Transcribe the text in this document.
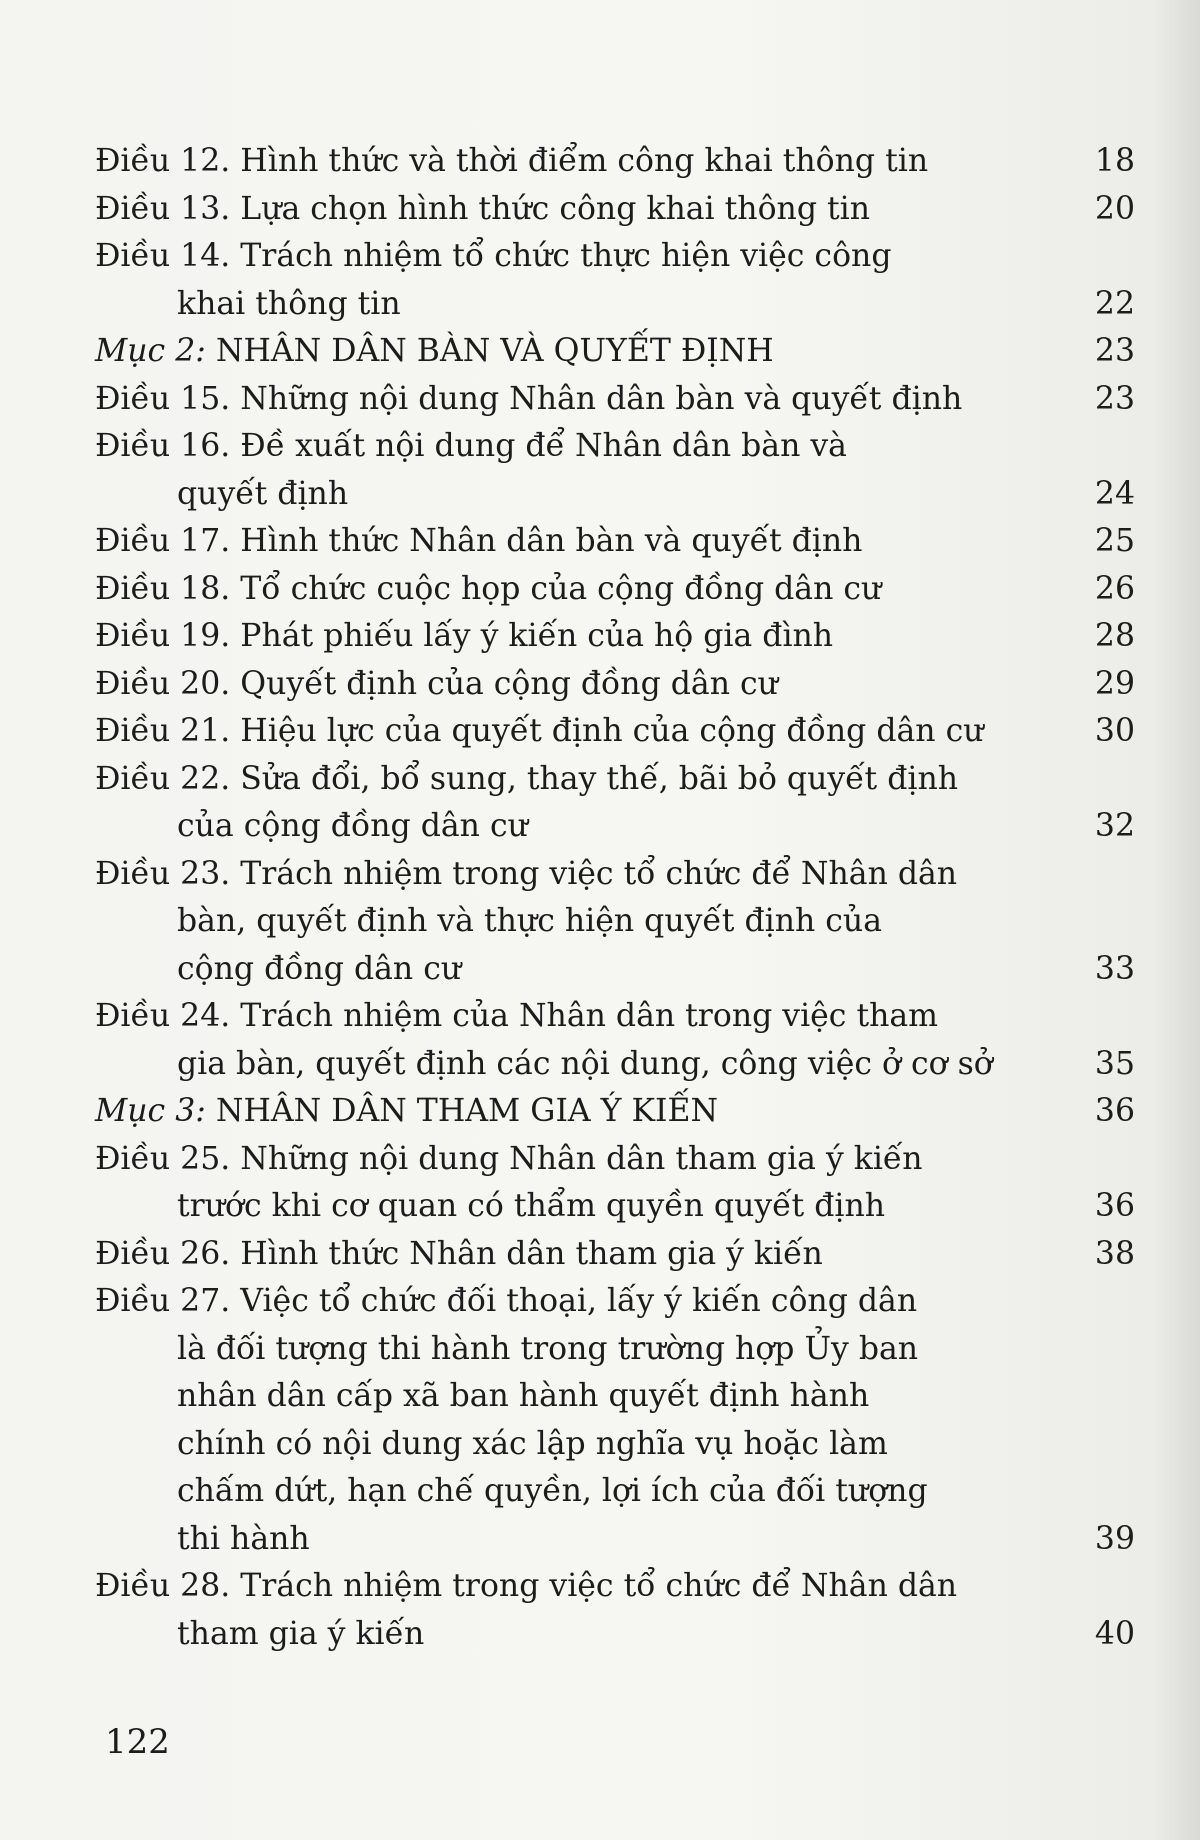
Điều 12. Hình thức và thời điểm công khai thông tin	18
Điều 13. Lựa chọn hình thức công khai thông tin	20
Điều 14. Trách nhiệm tổ chức thực hiện việc công
khai thông tin	22
Mục 2: NHÂN DÂN BÀN VÀ QUYẾT ĐỊNH	23
Điều 15. Những nội dung Nhân dân bàn và quyết định	23
Điều 16. Đề xuất nội dung để Nhân dân bàn và
quyết định	24
Điều 17. Hình thức Nhân dân bàn và quyết định	25
Điều 18. Tổ chức cuộc họp của cộng đồng dân cư	26
Điều 19. Phát phiếu lấy ý kiến của hộ gia đình	28
Điều 20. Quyết định của cộng đồng dân cư	29
Điều 21. Hiệu lực của quyết định của cộng đồng dân cư	30
Điều 22. Sửa đổi, bổ sung, thay thế, bãi bỏ quyết định
của cộng đồng dân cư	32
Điều 23. Trách nhiệm trong việc tổ chức để Nhân dân
bàn, quyết định và thực hiện quyết định của
cộng đồng dân cư	33
Điều 24. Trách nhiệm của Nhân dân trong việc tham
gia bàn, quyết định các nội dung, công việc ở cơ sở	35
Mục 3: NHÂN DÂN THAM GIA Ý KIẾN	36
Điều 25. Những nội dung Nhân dân tham gia ý kiến
trước khi cơ quan có thẩm quyền quyết định	36
Điều 26. Hình thức Nhân dân tham gia ý kiến	38
Điều 27. Việc tổ chức đối thoại, lấy ý kiến công dân
là đối tượng thi hành trong trường hợp Ủy ban
nhân dân cấp xã ban hành quyết định hành
chính có nội dung xác lập nghĩa vụ hoặc làm
chấm dứt, hạn chế quyền, lợi ích của đối tượng
thi hành	39
Điều 28. Trách nhiệm trong việc tổ chức để Nhân dân
tham gia ý kiến	40
122
